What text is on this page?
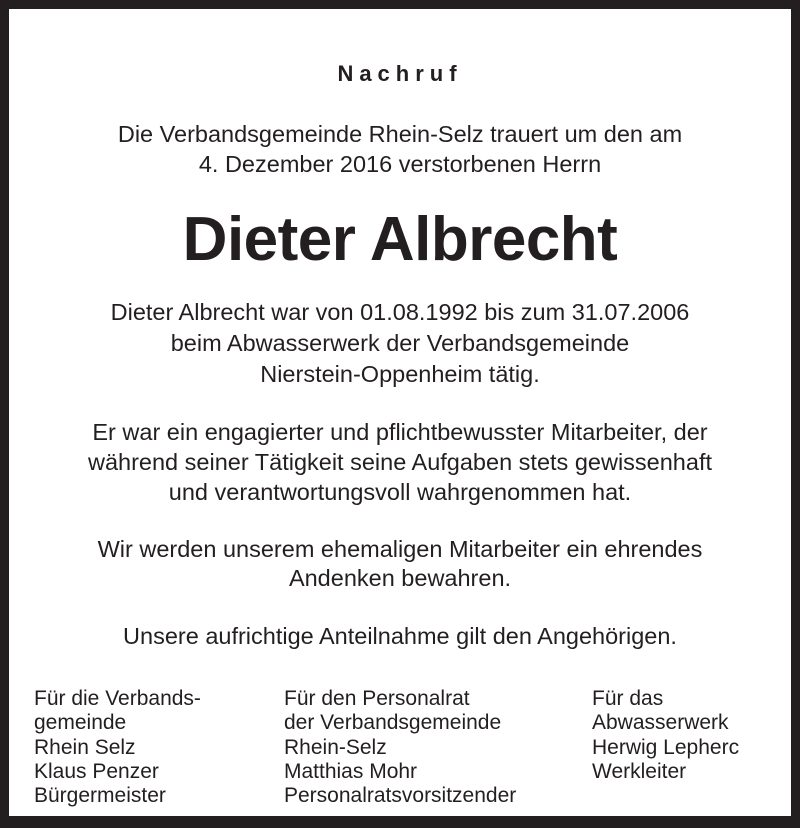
Nachruf
Die Verbandsgemeinde Rhein-Selz trauert um den am
4. Dezember 2016 verstorbenen Herrn
Dieter Albrecht
Dieter Albrecht war von 01.08.1992 bis zum 31.07.2006
beim Abwasserwerk der Verbandsgemeinde
Nierstein-Oppenheim tätig.
Er war ein engagierter und pflichtbewusster Mitarbeiter, der
während seiner Tätigkeit seine Aufgaben stets gewissenhaft
und verantwortungsvoll wahrgenommen hat.
Wir werden unserem ehemaligen Mitarbeiter ein ehrendes
Andenken bewahren.
Unsere aufrichtige Anteilnahme gilt den Angehörigen.
Für die Verbands-
gemeinde
Rhein Selz
Klaus Penzer
Bürgermeister
Für den Personalrat
der Verbandsgemeinde
Rhein-Selz
Matthias Mohr
Personalratsvorsitzender
Für das
Abwasserwerk
Herwig Lepherc
Werkleiter
